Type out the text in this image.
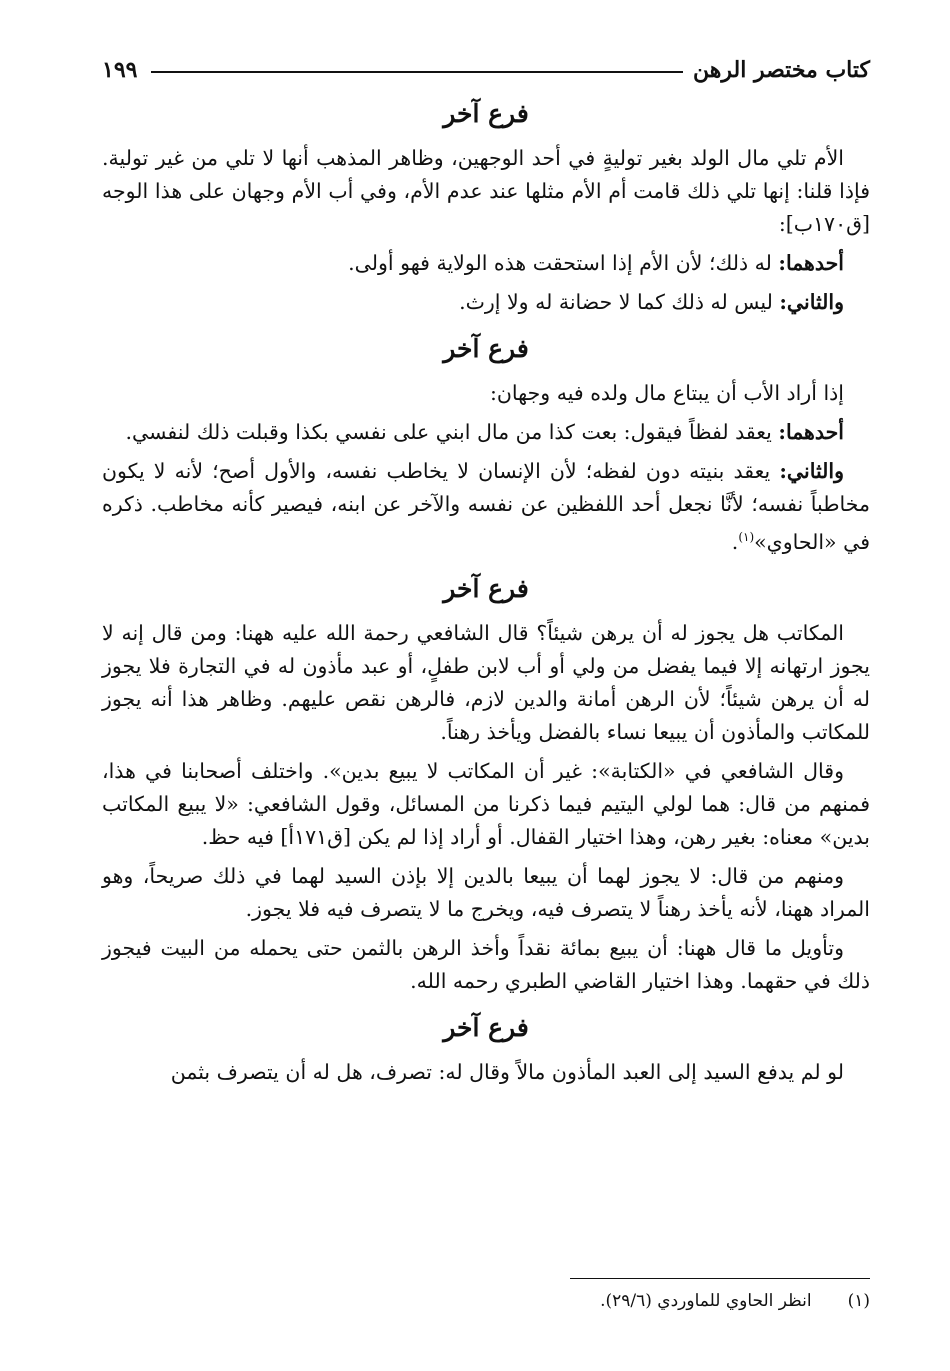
كتاب مختصر الرهن
١٩٩
فرع آخر

الأم تلي مال الولد بغير توليةٍ في أحد الوجهين، وظاهر المذهب أنها لا تلي من غير تولية. فإذا قلنا: إنها تلي ذلك قامت أم الأم مثلها عند عدم الأم، وفي أب الأم وجهان على هذا الوجه [ق١٧٠ب]:

أحدهما: له ذلك؛ لأن الأم إذا استحقت هذه الولاية فهو أولى.

والثاني: ليس له ذلك كما لا حضانة له ولا إرث.

فرع آخر

إذا أراد الأب أن يبتاع مال ولده فيه وجهان:

أحدهما: يعقد لفظاً فيقول: بعت كذا من مال ابني على نفسي بكذا وقبلت ذلك لنفسي.

والثاني: يعقد بنيته دون لفظه؛ لأن الإنسان لا يخاطب نفسه، والأول أصح؛ لأنه لا يكون مخاطباً نفسه؛ لأنَّا نجعل أحد اللفظين عن نفسه والآخر عن ابنه، فيصير كأنه مخاطب. ذكره في «الحاوي»$^{(١)}$.

فرع آخر

المكاتب هل يجوز له أن يرهن شيئاً؟ قال الشافعي رحمة الله عليه ههنا: ومن قال إنه لا يجوز ارتهانه إلا فيما يفضل من ولي أو أب لابن طفلٍ، أو عبد مأذون له في التجارة فلا يجوز له أن يرهن شيئاً؛ لأن الرهن أمانة والدين لازم، فالرهن نقص عليهم. وظاهر هذا أنه يجوز للمكاتب والمأذون أن يبيعا نساء بالفضل ويأخذ رهناً.

وقال الشافعي في «الكتابة»: غير أن المكاتب لا يبيع بدين». واختلف أصحابنا في هذا، فمنهم من قال: هما لولي اليتيم فيما ذكرنا من المسائل، وقول الشافعي: «لا يبيع المكاتب بدين» معناه: بغير رهن، وهذا اختيار القفال. أو أراد إذا لم يكن [ق١٧١أ] فيه حظ.

ومنهم من قال: لا يجوز لهما أن يبيعا بالدين إلا بإذن السيد لهما في ذلك صريحاً، وهو المراد ههنا، لأنه يأخذ رهناً لا يتصرف فيه، ويخرج ما لا يتصرف فيه فلا يجوز.

وتأويل ما قال ههنا: أن يبيع بمائة نقداً وأخذ الرهن بالثمن حتى يحمله من البيت فيجوز ذلك في حقهما. وهذا اختيار القاضي الطبري رحمه الله.

فرع آخر

لو لم يدفع السيد إلى العبد المأذون مالاً وقال له: تصرف، هل له أن يتصرف بثمن

(١)
انظر الحاوي للماوردي (٢٩/٦).
